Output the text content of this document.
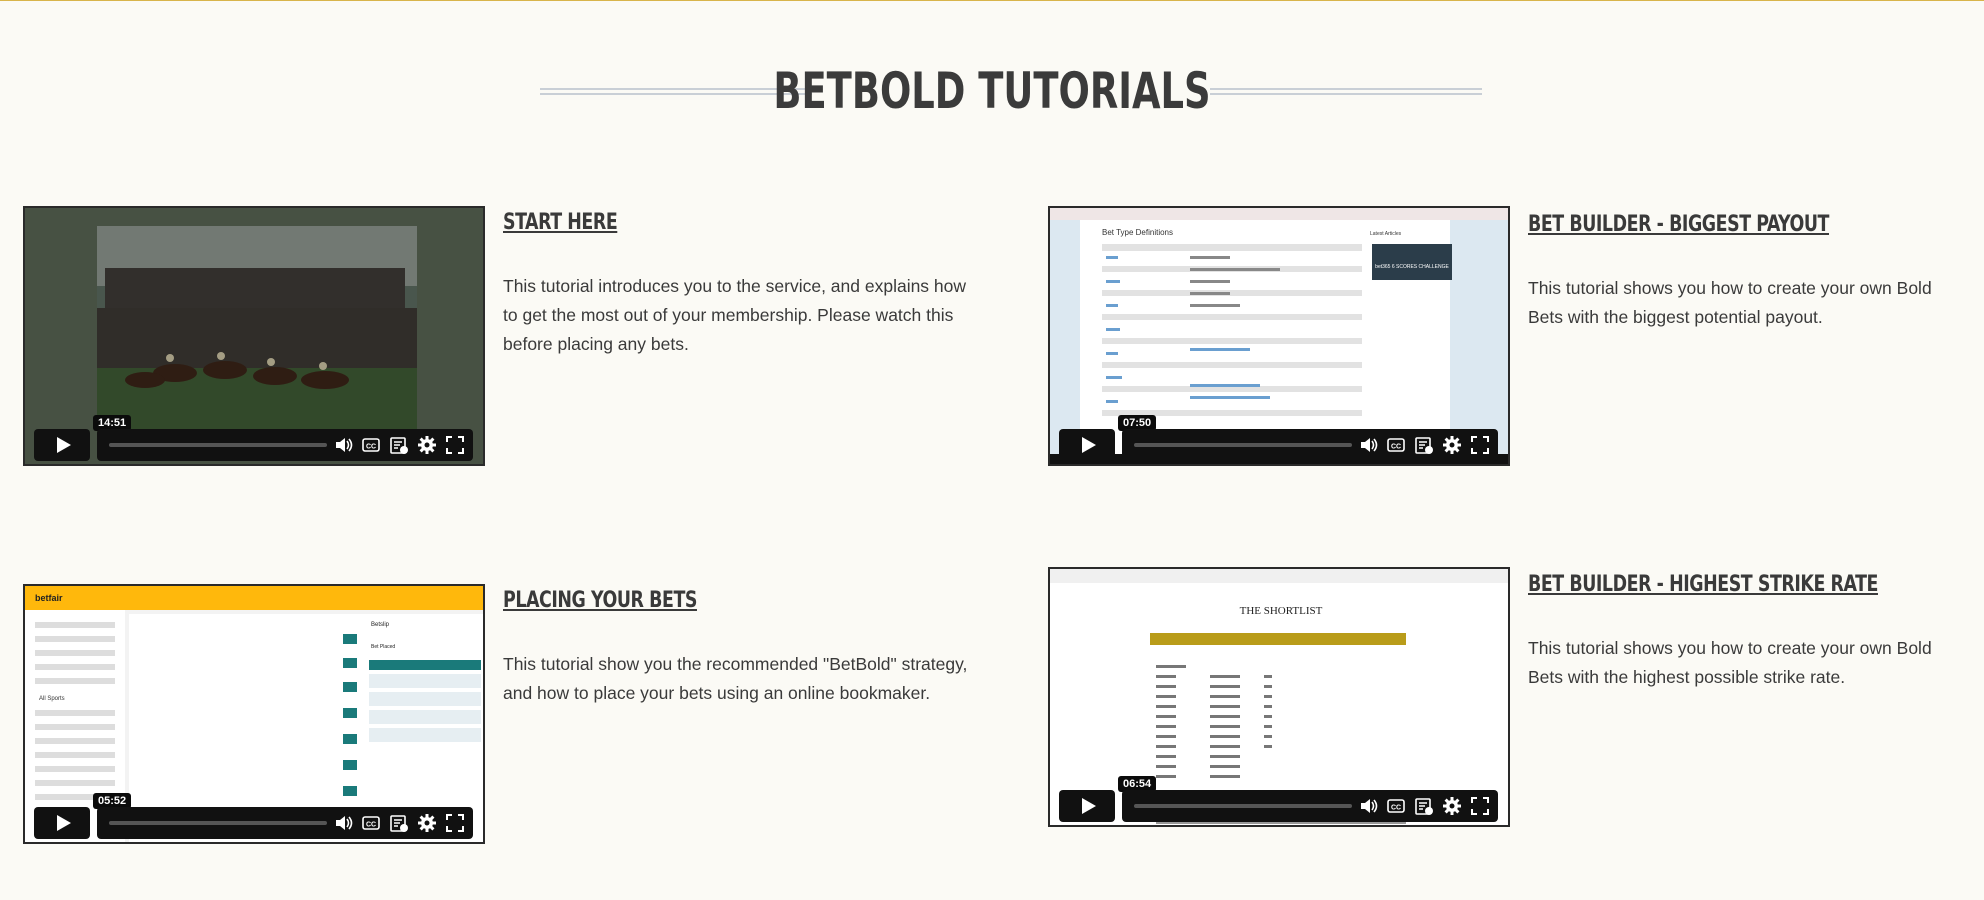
BETBOLD TUTORIALS
14:51
CC
START HERE

This tutorial introduces you to the service, and explains how to get the most out of your membership. Please watch this before placing any bets.

Bet Type Definitions	Latest Articles
bet365 6 SCORES CHALLENGE
07:50
CC
BET BUILDER - BIGGEST PAYOUT

This tutorial shows you how to create your own Bold Bets with the biggest potential payout.

betfair
All Sports
Betslip
Bet Placed
05:52
CC
PLACING YOUR BETS

This tutorial show you the recommended "BetBold" strategy, and how to place your bets using an online bookmaker.

THE SHORTLIST
06:54
CC
BET BUILDER - HIGHEST STRIKE RATE

This tutorial shows you how to create your own Bold Bets with the highest possible strike rate.
